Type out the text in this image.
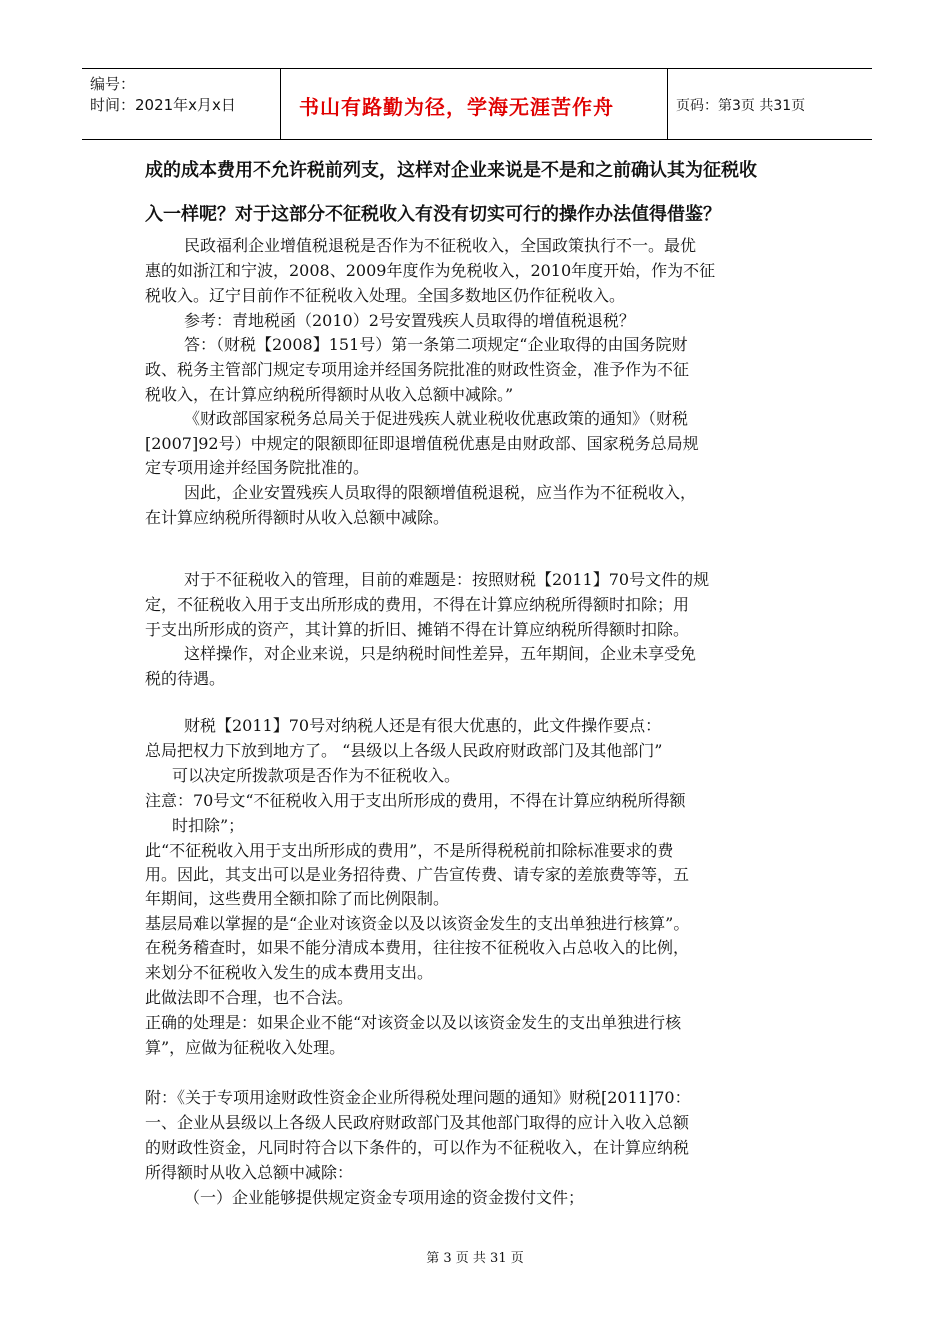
编号：
时间：2021年x月x日	书山有路勤为径，学海无涯苦作舟	页码：第3页 共31页
成的成本费用不允许税前列支，这样对企业来说是不是和之前确认其为征税收
入一样呢？对于这部分不征税收入有没有切实可行的操作办法值得借鉴？
民政福利企业增值税退税是否作为不征税收入，全国政策执行不一。最优
惠的如浙江和宁波，2008、2009年度作为免税收入，2010年度开始，作为不征
税收入。辽宁目前作不征税收入处理。全国多数地区仍作征税收入。
参考：青地税函（2010）2号安置残疾人员取得的增值税退税？
答：（财税【2008】151号）第一条第二项规定“企业取得的由国务院财
政、税务主管部门规定专项用途并经国务院批准的财政性资金，准予作为不征
税收入，在计算应纳税所得额时从收入总额中减除。”
《财政部国家税务总局关于促进残疾人就业税收优惠政策的通知》（财税
[2007]92号）中规定的限额即征即退增值税优惠是由财政部、国家税务总局规
定专项用途并经国务院批准的。
因此，企业安置残疾人员取得的限额增值税退税，应当作为不征税收入，
在计算应纳税所得额时从收入总额中减除。
对于不征税收入的管理，目前的难题是：按照财税【2011】70号文件的规
定，不征税收入用于支出所形成的费用，不得在计算应纳税所得额时扣除；用
于支出所形成的资产，其计算的折旧、摊销不得在计算应纳税所得额时扣除。
这样操作，对企业来说，只是纳税时间性差异，五年期间，企业未享受免
税的待遇。
财税【2011】70号对纳税人还是有很大优惠的，此文件操作要点：
总局把权力下放到地方了。 “县级以上各级人民政府财政部门及其他部门”
可以决定所拨款项是否作为不征税收入。
注意：70号文“不征税收入用于支出所形成的费用，不得在计算应纳税所得额
时扣除”；
此“不征税收入用于支出所形成的费用”，不是所得税税前扣除标准要求的费
用。因此，其支出可以是业务招待费、广告宣传费、请专家的差旅费等等，五
年期间，这些费用全额扣除了而比例限制。
基层局难以掌握的是“企业对该资金以及以该资金发生的支出单独进行核算”。
在税务稽查时，如果不能分清成本费用，往往按不征税收入占总收入的比例，
来划分不征税收入发生的成本费用支出。
此做法即不合理，也不合法。
正确的处理是：如果企业不能“对该资金以及以该资金发生的支出单独进行核
算”，应做为征税收入处理。
附：《关于专项用途财政性资金企业所得税处理问题的通知》财税[2011]70：
一、企业从县级以上各级人民政府财政部门及其他部门取得的应计入收入总额
的财政性资金，凡同时符合以下条件的，可以作为不征税收入，在计算应纳税
所得额时从收入总额中减除：
（一）企业能够提供规定资金专项用途的资金拨付文件；
第 3 页 共 31 页
